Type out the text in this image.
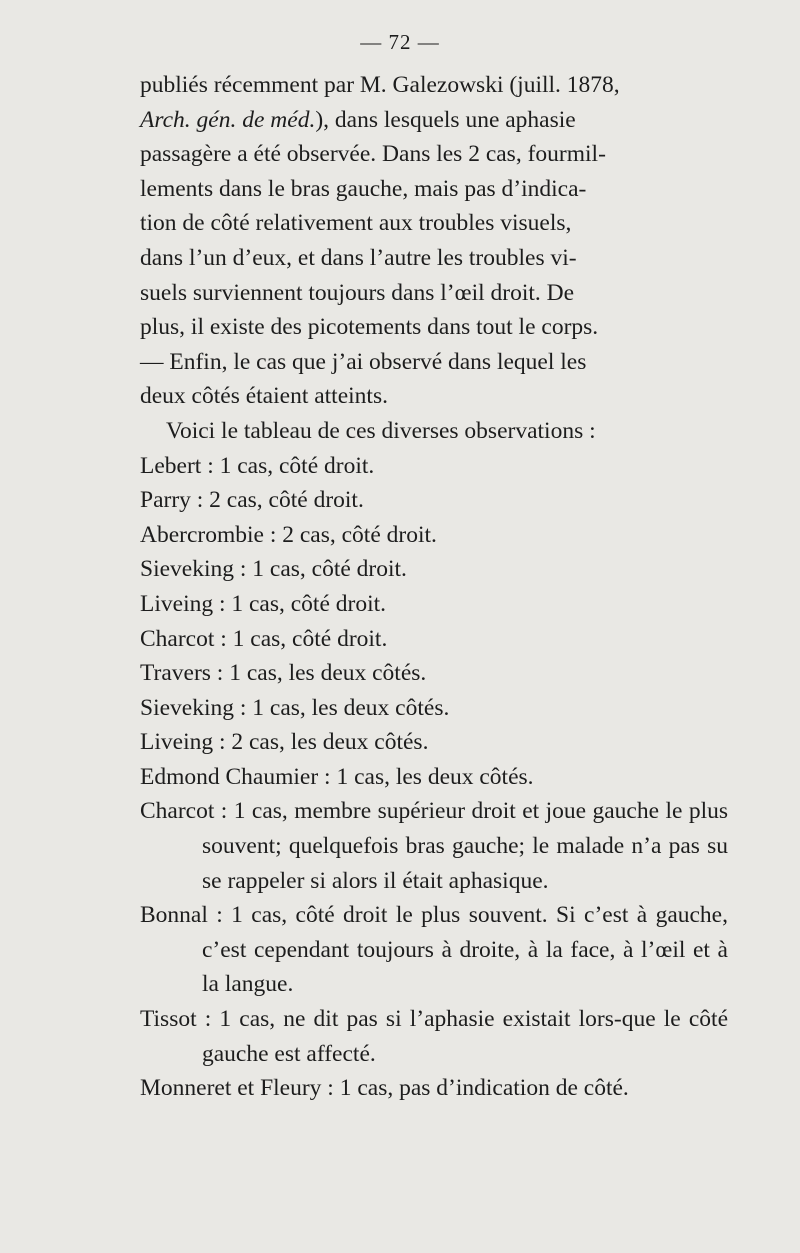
— 72 —

publiés récemment par M. Galezowski (juill. 1878,

Arch. gén. de méd.), dans lesquels une aphasie

passagère a été observée. Dans les 2 cas, fourmil-

lements dans le bras gauche, mais pas d’indica-

tion de côté relativement aux troubles visuels,

dans l’un d’eux, et dans l’autre les troubles vi-

suels surviennent toujours dans l’œil droit. De

plus, il existe des picotements dans tout le corps.

— Enfin, le cas que j’ai observé dans lequel les

deux côtés étaient atteints.

Voici le tableau de ces diverses observations :

Lebert : 1 cas, côté droit.

Parry : 2 cas, côté droit.

Abercrombie : 2 cas, côté droit.

Sieveking : 1 cas, côté droit.

Liveing : 1 cas, côté droit.

Charcot : 1 cas, côté droit.

Travers : 1 cas, les deux côtés.

Sieveking : 1 cas, les deux côtés.

Liveing : 2 cas, les deux côtés.

Edmond Chaumier : 1 cas, les deux côtés.

Charcot : 1 cas, membre supérieur droit et joue gauche le plus souvent; quelquefois bras gauche; le malade n’a pas su se rappeler si alors il était aphasique.

Bonnal : 1 cas, côté droit le plus souvent. Si c’est à gauche, c’est cependant toujours à droite, à la face, à l’œil et à la langue.

Tissot : 1 cas, ne dit pas si l’aphasie existait lors-que le côté gauche est affecté.

Monneret et Fleury : 1 cas, pas d’indication de côté.
